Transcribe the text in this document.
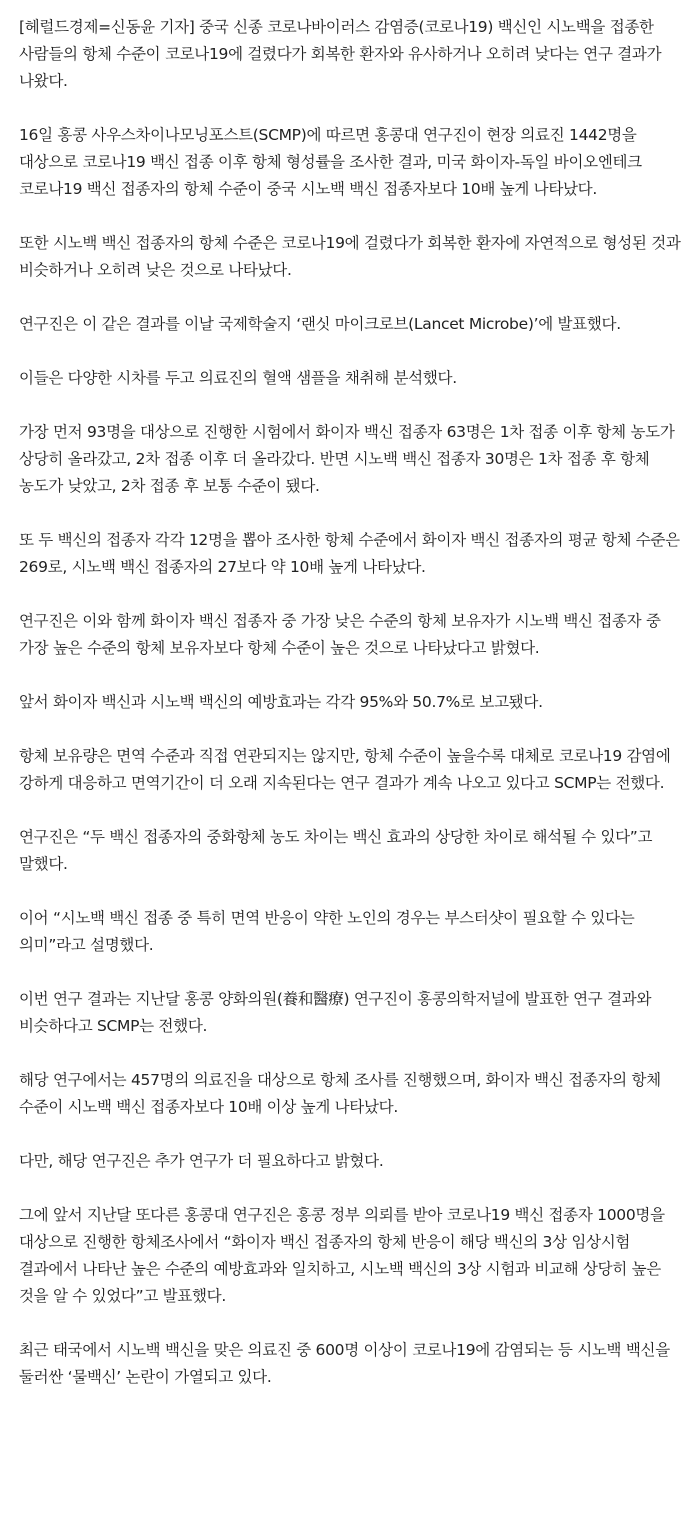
[헤럴드경제=신동윤 기자] 중국 신종 코로나바이러스 감염증(코로나19) 백신인 시노백을 접종한 사람들의 항체 수준이 코로나19에 걸렸다가 회복한 환자와 유사하거나 오히려 낮다는 연구 결과가 나왔다.

16일 홍콩 사우스차이나모닝포스트(SCMP)에 따르면 홍콩대 연구진이 현장 의료진 1442명을 대상으로 코로나19 백신 접종 이후 항체 형성률을 조사한 결과, 미국 화이자-독일 바이오엔테크 코로나19 백신 접종자의 항체 수준이 중국 시노백 백신 접종자보다 10배 높게 나타났다.

또한 시노백 백신 접종자의 항체 수준은 코로나19에 걸렸다가 회복한 환자에 자연적으로 형성된 것과 비슷하거나 오히려 낮은 것으로 나타났다.

연구진은 이 같은 결과를 이날 국제학술지 ‘랜싯 마이크로브(Lancet Microbe)’에 발표했다.

이들은 다양한 시차를 두고 의료진의 혈액 샘플을 채취해 분석했다.

가장 먼저 93명을 대상으로 진행한 시험에서 화이자 백신 접종자 63명은 1차 접종 이후 항체 농도가 상당히 올라갔고, 2차 접종 이후 더 올라갔다. 반면 시노백 백신 접종자 30명은 1차 접종 후 항체 농도가 낮았고, 2차 접종 후 보통 수준이 됐다.

또 두 백신의 접종자 각각 12명을 뽑아 조사한 항체 수준에서 화이자 백신 접종자의 평균 항체 수준은 269로, 시노백 백신 접종자의 27보다 약 10배 높게 나타났다.

연구진은 이와 함께 화이자 백신 접종자 중 가장 낮은 수준의 항체 보유자가 시노백 백신 접종자 중 가장 높은 수준의 항체 보유자보다 항체 수준이 높은 것으로 나타났다고 밝혔다.

앞서 화이자 백신과 시노백 백신의 예방효과는 각각 95%와 50.7%로 보고됐다.

항체 보유량은 면역 수준과 직접 연관되지는 않지만, 항체 수준이 높을수록 대체로 코로나19 감염에 강하게 대응하고 면역기간이 더 오래 지속된다는 연구 결과가 계속 나오고 있다고 SCMP는 전했다.

연구진은 “두 백신 접종자의 중화항체 농도 차이는 백신 효과의 상당한 차이로 해석될 수 있다”고 말했다.

이어 “시노백 백신 접종 중 특히 면역 반응이 약한 노인의 경우는 부스터샷이 필요할 수 있다는 의미”라고 설명했다.

이번 연구 결과는 지난달 홍콩 양화의원(養和醫療) 연구진이 홍콩의학저널에 발표한 연구 결과와 비슷하다고 SCMP는 전했다.

해당 연구에서는 457명의 의료진을 대상으로 항체 조사를 진행했으며, 화이자 백신 접종자의 항체 수준이 시노백 백신 접종자보다 10배 이상 높게 나타났다.

다만, 해당 연구진은 추가 연구가 더 필요하다고 밝혔다.

그에 앞서 지난달 또다른 홍콩대 연구진은 홍콩 정부 의뢰를 받아 코로나19 백신 접종자 1000명을 대상으로 진행한 항체조사에서 “화이자 백신 접종자의 항체 반응이 해당 백신의 3상 임상시험 결과에서 나타난 높은 수준의 예방효과와 일치하고, 시노백 백신의 3상 시험과 비교해 상당히 높은 것을 알 수 있었다”고 발표했다.

최근 태국에서 시노백 백신을 맞은 의료진 중 600명 이상이 코로나19에 감염되는 등 시노백 백신을 둘러싼 ‘물백신’ 논란이 가열되고 있다.
